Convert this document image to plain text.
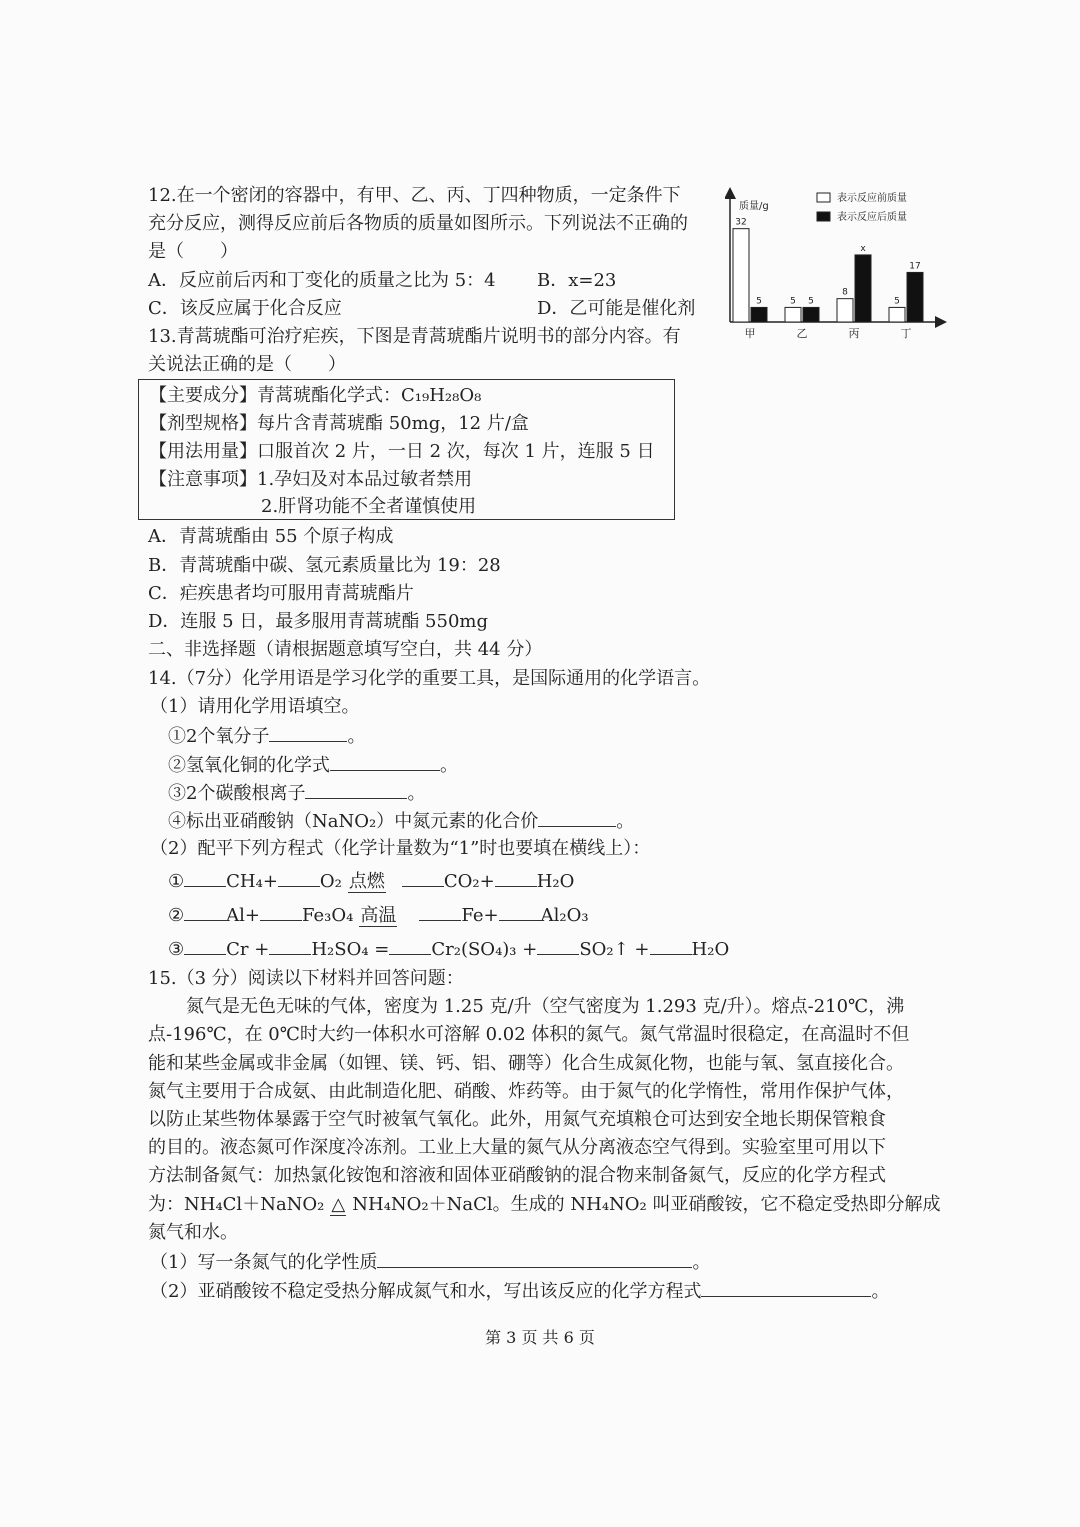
12.在一个密闭的容器中，有甲、乙、丙、丁四种物质，一定条件下
充分反应，测得反应前后各物质的质量如图所示。下列说法不正确的
是（　　）
A．反应前后丙和丁变化的质量之比为 5：4 B．x=23
C．该反应属于化合反应	D．乙可能是催化剂
质量/g
表示反应前质量
表示反应后质量
32
5
甲
5 5
乙
8
x
丙
5
17
丁
13.青蒿琥酯可治疗疟疾，下图是青蒿琥酯片说明书的部分内容。有
关说法正确的是（　　）
【主要成分】青蒿琥酯化学式：C₁₉H₂₈O₈
【剂型规格】每片含青蒿琥酯 50mg，12 片/盒
【用法用量】口服首次 2 片，一日 2 次，每次 1 片，连服 5 日
【注意事项】1.孕妇及对本品过敏者禁用
2.肝肾功能不全者谨慎使用
A．青蒿琥酯由 55 个原子构成
B．青蒿琥酯中碳、氢元素质量比为 19：28
C．疟疾患者均可服用青蒿琥酯片
D．连服 5 日，最多服用青蒿琥酯 550mg
二、非选择题（请根据题意填写空白，共 44 分）
14.（7分）化学用语是学习化学的重要工具，是国际通用的化学语言。
（1）请用化学用语填空。
①2个氧分子	。
②氢氧化铜的化学式	。
③2个碳酸根离子	。
④标出亚硝酸钠（NaNO₂）中氮元素的化合价	。
（2）配平下列方程式（化学计量数为“1”时也要填在横线上）：
① CH₄+ O₂ 点燃	CO₂+ H₂O
② Al+ Fe₃O₄ 高温	Fe+ Al₂O₃
③ Cr + H₂SO₄ = Cr₂(SO₄)₃ + SO₂↑ + H₂O
15.（3 分）阅读以下材料并回答问题：
氮气是无色无味的气体，密度为 1.25 克/升（空气密度为 1.293 克/升）。熔点-210℃，沸
点-196℃，在 0℃时大约一体积水可溶解 0.02 体积的氮气。氮气常温时很稳定，在高温时不但
能和某些金属或非金属（如锂、镁、钙、铝、硼等）化合生成氮化物，也能与氧、氢直接化合。
氮气主要用于合成氨、由此制造化肥、硝酸、炸药等。由于氮气的化学惰性，常用作保护气体，
以防止某些物体暴露于空气时被氧气氧化。此外，用氮气充填粮仓可达到安全地长期保管粮食
的目的。液态氮可作深度冷冻剂。工业上大量的氮气从分离液态空气得到。实验室里可用以下
方法制备氮气：加热氯化铵饱和溶液和固体亚硝酸钠的混合物来制备氮气，反应的化学方程式
为：NH₄Cl＋NaNO₂ △ NH₄NO₂＋NaCl。生成的 NH₄NO₂ 叫亚硝酸铵，它不稳定受热即分解成
氮气和水。
（1）写一条氮气的化学性质	。
（2）亚硝酸铵不稳定受热分解成氮气和水，写出该反应的化学方程式	。
第 3 页 共 6 页
